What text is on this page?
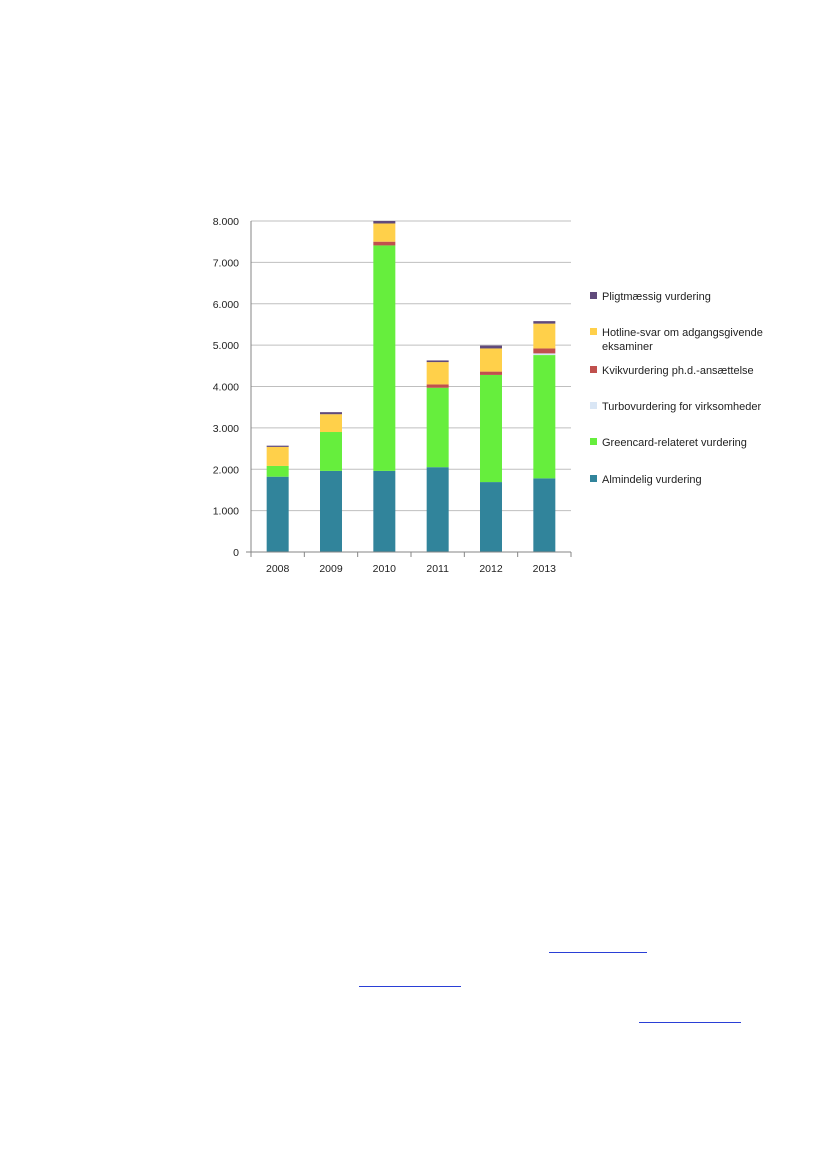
0
1.000
2.000
3.000
4.000
5.000
6.000
7.000
8.000
2008	2009	2010	2011	2012	2013
Pligtmæssig vurdering
Hotline-svar om adgangsgivende eksaminer
Kvikvurdering ph.d.-ansættelse
Turbovurdering for virksomheder
Greencard-relateret vurdering
Almindelig vurdering
